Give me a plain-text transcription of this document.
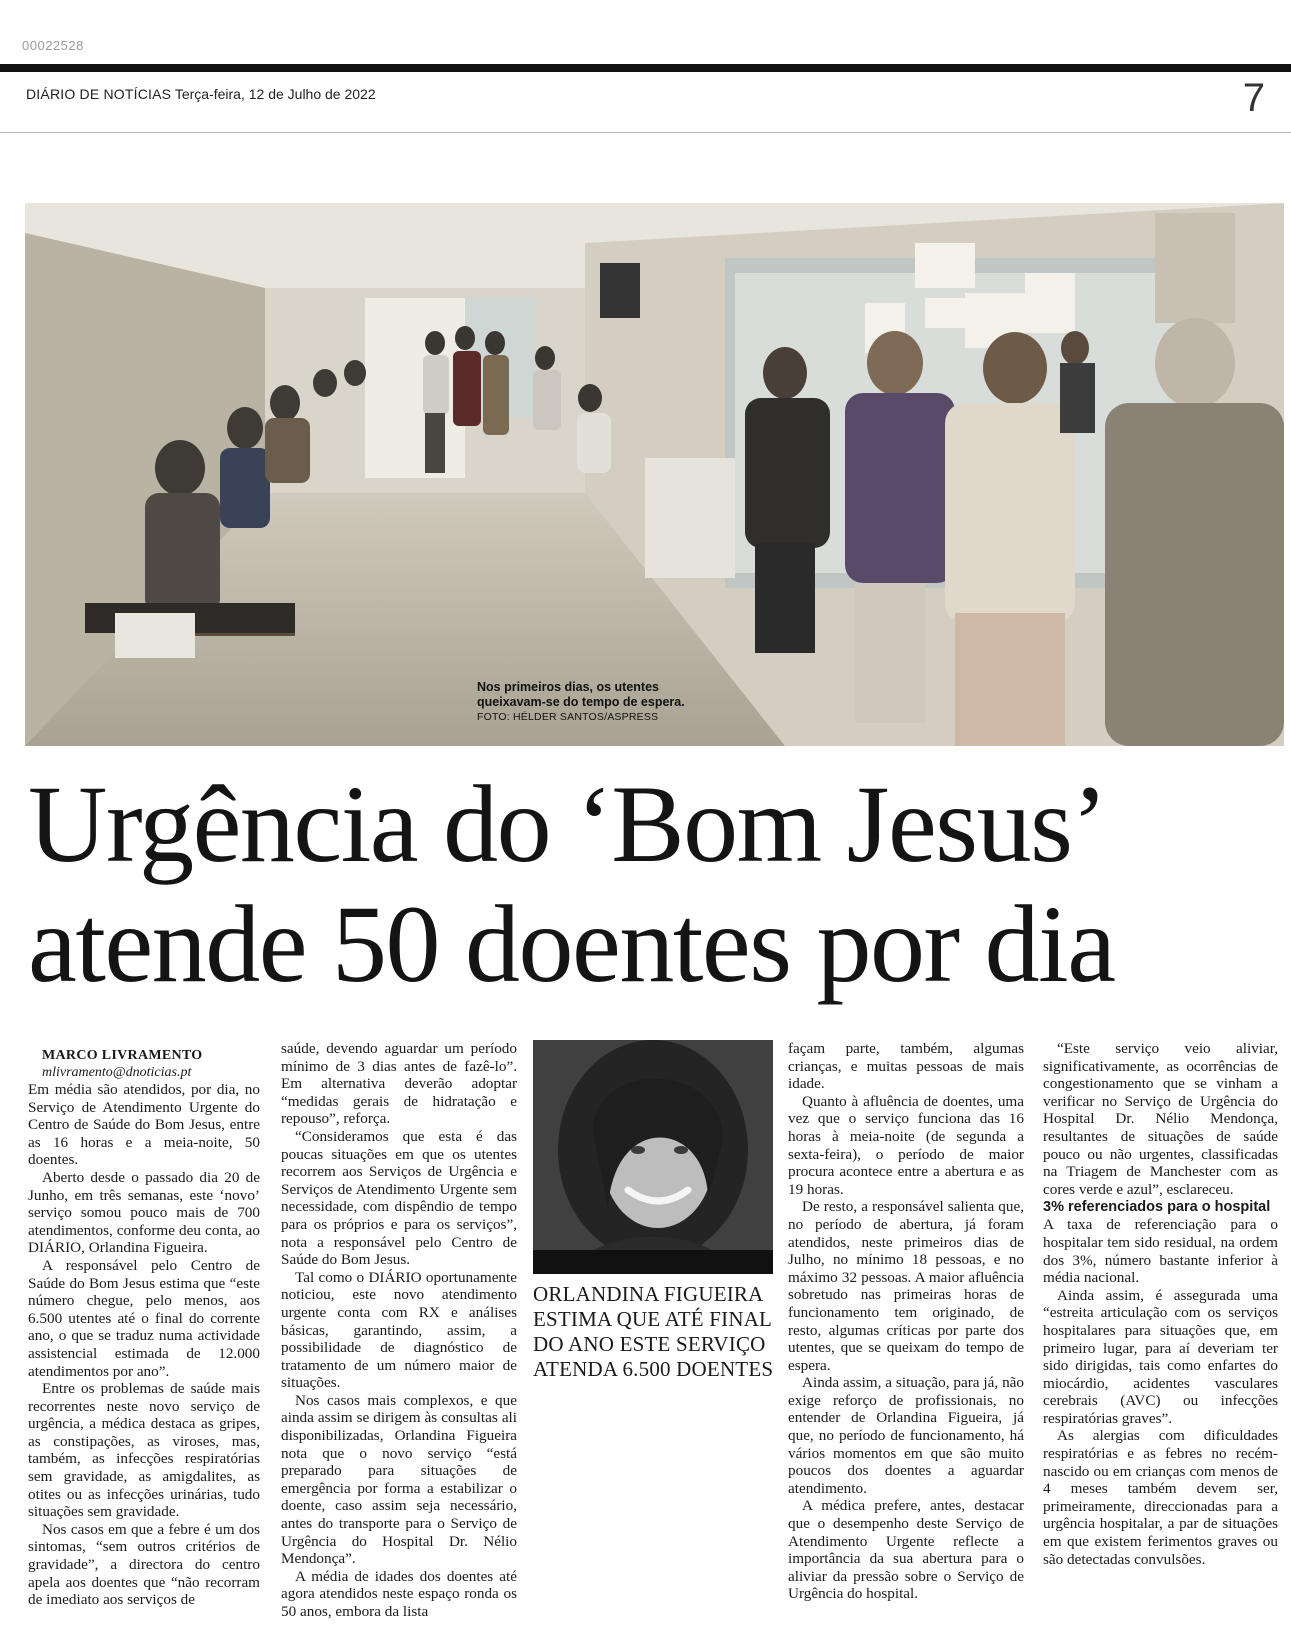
00022528
DIÁRIO DE NOTÍCIAS Terça-feira, 12 de Julho de 2022	7
Nos primeiros dias, os utentes queixavam-se do tempo de espera.
FOTO: HÉLDER SANTOS/ASPRESS
Urgência do ‘Bom Jesus’
atende 50 doentes por dia

MARCO LIVRAMENTO

mlivramento@dnoticias.pt

Em média são atendidos, por dia, no Serviço de Atendimento Urgente do Centro de Saúde do Bom Jesus, entre as 16 horas e a meia-noite, 50 doentes.

Aberto desde o passado dia 20 de Junho, em três semanas, este ‘novo’ serviço somou pouco mais de 700 atendimentos, conforme deu conta, ao DIÁRIO, Orlandina Figueira.

A responsável pelo Centro de Saúde do Bom Jesus estima que “este número chegue, pelo menos, aos 6.500 utentes até o final do corrente ano, o que se traduz numa actividade assistencial estimada de 12.000 atendimentos por ano”.

Entre os problemas de saúde mais recorrentes neste novo serviço de urgência, a médica destaca as gripes, as constipações, as viroses, mas, também, as infecções respiratórias sem gravidade, as amigdalites, as otites ou as infecções urinárias, tudo situações sem gravidade.

Nos casos em que a febre é um dos sintomas, “sem outros critérios de gravidade”, a directora do centro apela aos doentes que “não recorram de imediato aos serviços de

saúde, devendo aguardar um período mínimo de 3 dias antes de fazê-lo”. Em alternativa deverão adoptar “medidas gerais de hidratação e repouso”, reforça.

“Consideramos que esta é das poucas situações em que os utentes recorrem aos Serviços de Urgência e Serviços de Atendimento Urgente sem necessidade, com dispêndio de tempo para os próprios e para os serviços”, nota a responsável pelo Centro de Saúde do Bom Jesus.

Tal como o DIÁRIO oportunamente noticiou, este novo atendimento urgente conta com RX e análises básicas, garantindo, assim, a possibilidade de diagnóstico de tratamento de um número maior de situações.

Nos casos mais complexos, e que ainda assim se dirigem às consultas ali disponibilizadas, Orlandina Figueira nota que o novo serviço “está preparado para situações de emergência por forma a estabilizar o doente, caso assim seja necessário, antes do transporte para o Serviço de Urgência do Hospital Dr. Nélio Mendonça”.

A média de idades dos doentes até agora atendidos neste espaço ronda os 50 anos, embora da lista

ORLANDINA FIGUEIRA ESTIMA QUE ATÉ FINAL DO ANO ESTE SERVIÇO ATENDA 6.500 DOENTES

façam parte, também, algumas crianças, e muitas pessoas de mais idade.

Quanto à afluência de doentes, uma vez que o serviço funciona das 16 horas à meia-noite (de segunda a sexta-feira), o período de maior procura acontece entre a abertura e as 19 horas.

De resto, a responsável salienta que, no período de abertura, já foram atendidos, neste primeiros dias de Julho, no mínimo 18 pessoas, e no máximo 32 pessoas. A maior afluência sobretudo nas primeiras horas de funcionamento tem originado, de resto, algumas críticas por parte dos utentes, que se queixam do tempo de espera.

Ainda assim, a situação, para já, não exige reforço de profissionais, no entender de Orlandina Figueira, já que, no período de funcionamento, há vários momentos em que são muito poucos dos doentes a aguardar atendimento.

A médica prefere, antes, destacar que o desempenho deste Serviço de Atendimento Urgente reflecte a importância da sua abertura para o aliviar da pressão sobre o Serviço de Urgência do hospital.

“Este serviço veio aliviar, significativamente, as ocorrências de congestionamento que se vinham a verificar no Serviço de Urgência do Hospital Dr. Nélio Mendonça, resultantes de situações de saúde pouco ou não urgentes, classificadas na Triagem de Manchester com as cores verde e azul”, esclareceu.

3% referenciados para o hospital

A taxa de referenciação para o hospitalar tem sido residual, na ordem dos 3%, número bastante inferior à média nacional.

Ainda assim, é assegurada uma “estreita articulação com os serviços hospitalares para situações que, em primeiro lugar, para aí deveriam ter sido dirigidas, tais como enfartes do miocárdio, acidentes vasculares cerebrais (AVC) ou infecções respiratórias graves”.

As alergias com dificuldades respiratórias e as febres no recém-nascido ou em crianças com menos de 4 meses também devem ser, primeiramente, direccionadas para a urgência hospitalar, a par de situações em que existem ferimentos graves ou são detectadas convulsões.
